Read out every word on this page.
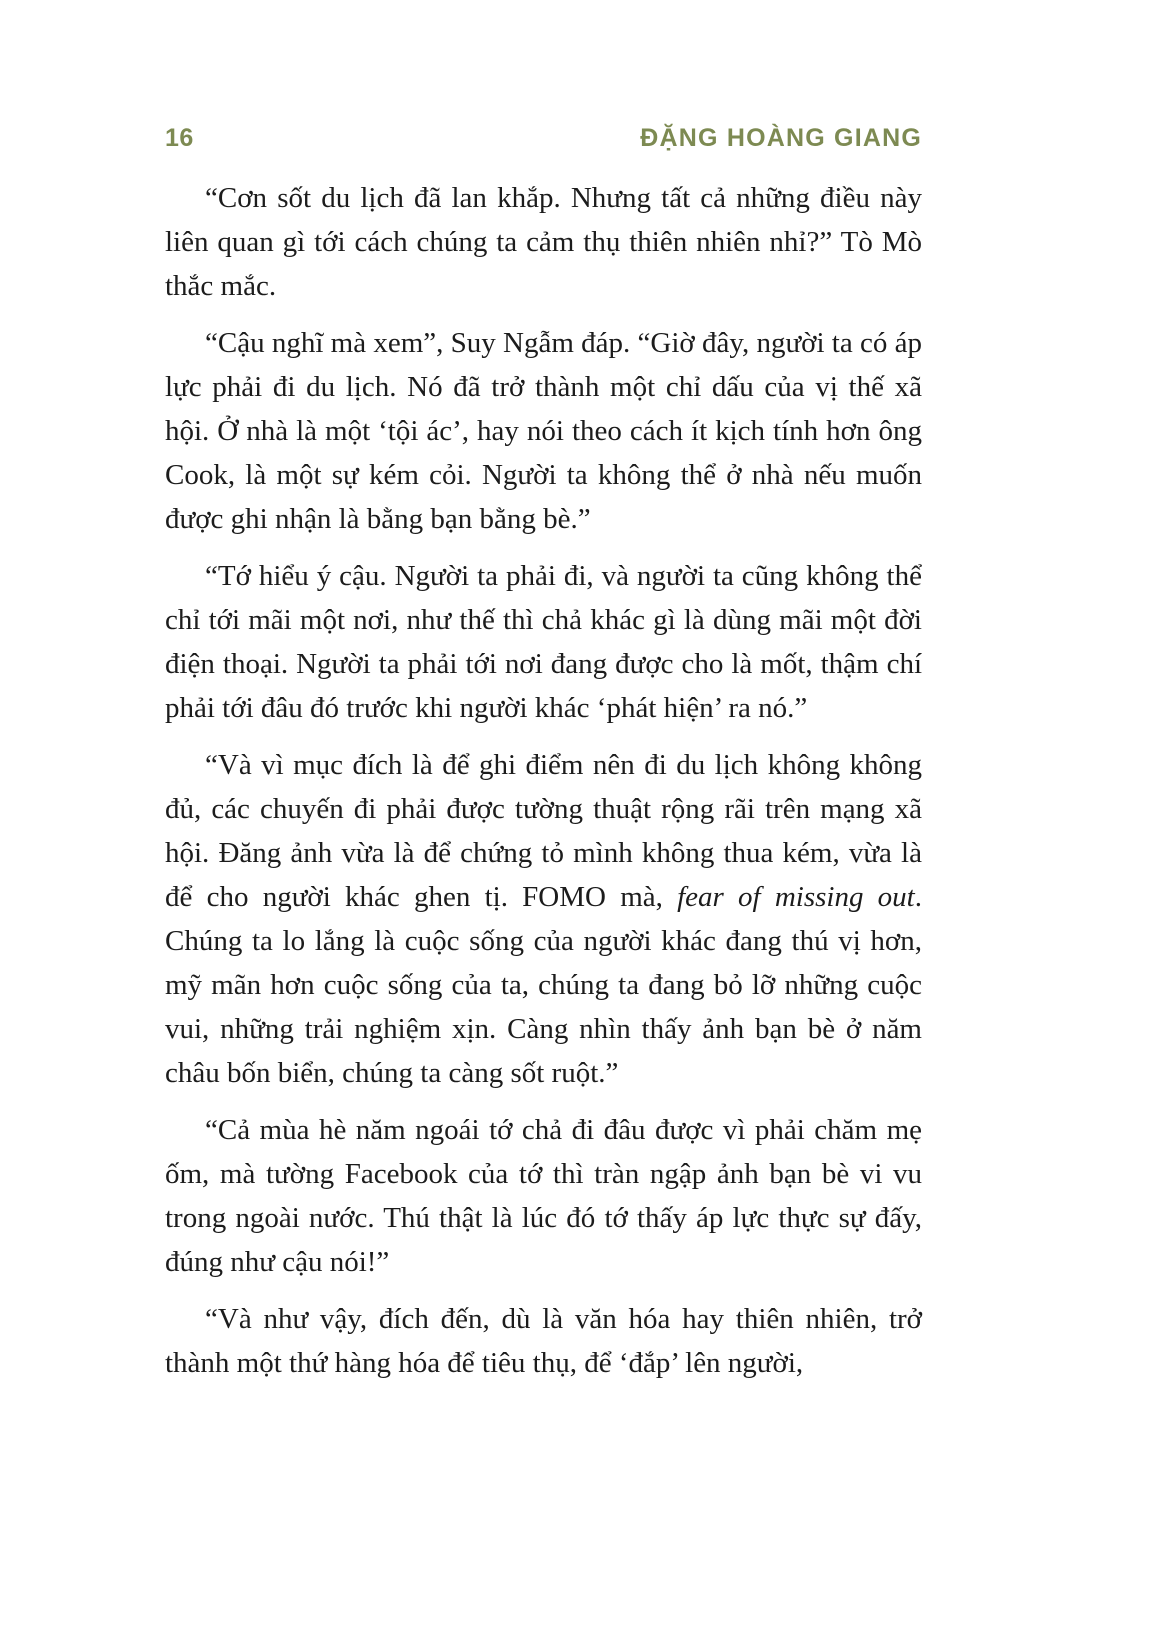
16	ĐẶNG HOÀNG GIANG

“Cơn sốt du lịch đã lan khắp. Nhưng tất cả những điều này liên quan gì tới cách chúng ta cảm thụ thiên nhiên nhỉ?” Tò Mò thắc mắc.

“Cậu nghĩ mà xem”, Suy Ngẫm đáp. “Giờ đây, người ta có áp lực phải đi du lịch. Nó đã trở thành một chỉ dấu của vị thế xã hội. Ở nhà là một ‘tội ác’, hay nói theo cách ít kịch tính hơn ông Cook, là một sự kém cỏi. Người ta không thể ở nhà nếu muốn được ghi nhận là bằng bạn bằng bè.”

“Tớ hiểu ý cậu. Người ta phải đi, và người ta cũng không thể chỉ tới mãi một nơi, như thế thì chả khác gì là dùng mãi một đời điện thoại. Người ta phải tới nơi đang được cho là mốt, thậm chí phải tới đâu đó trước khi người khác ‘phát hiện’ ra nó.”

“Và vì mục đích là để ghi điểm nên đi du lịch không không đủ, các chuyến đi phải được tường thuật rộng rãi trên mạng xã hội. Đăng ảnh vừa là để chứng tỏ mình không thua kém, vừa là để cho người khác ghen tị. FOMO mà, fear of missing out. Chúng ta lo lắng là cuộc sống của người khác đang thú vị hơn, mỹ mãn hơn cuộc sống của ta, chúng ta đang bỏ lỡ những cuộc vui, những trải nghiệm xịn. Càng nhìn thấy ảnh bạn bè ở năm châu bốn biển, chúng ta càng sốt ruột.”

“Cả mùa hè năm ngoái tớ chả đi đâu được vì phải chăm mẹ ốm, mà tường Facebook của tớ thì tràn ngập ảnh bạn bè vi vu trong ngoài nước. Thú thật là lúc đó tớ thấy áp lực thực sự đấy, đúng như cậu nói!”

“Và như vậy, đích đến, dù là văn hóa hay thiên nhiên, trở thành một thứ hàng hóa để tiêu thụ, để ‘đắp’ lên người,
